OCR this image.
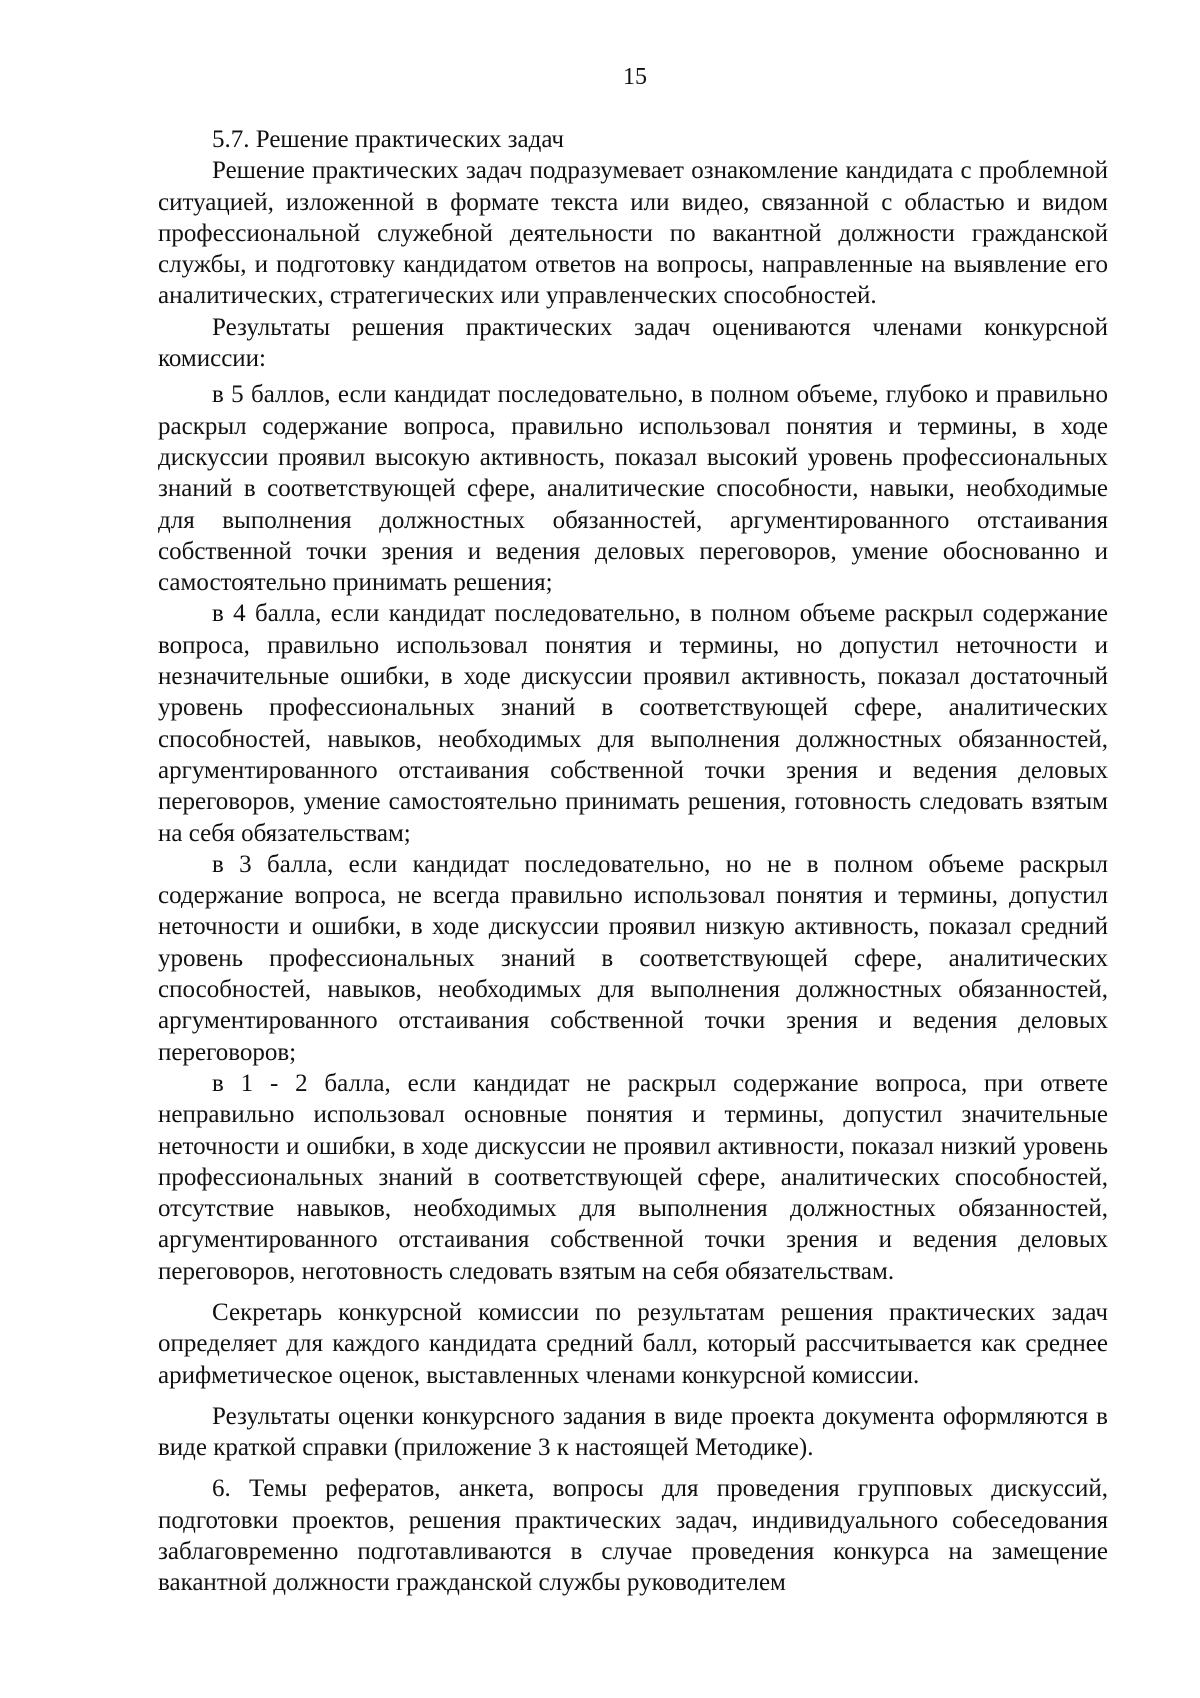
15

5.7. Решение практических задач

Решение практических задач подразумевает ознакомление кандидата с проблемной ситуацией, изложенной в формате текста или видео, связанной с областью и видом профессиональной служебной деятельности по вакантной должности гражданской службы, и подготовку кандидатом ответов на вопросы, направленные на выявление его аналитических, стратегических или управленческих способностей.

Результаты решения практических задач оцениваются членами конкурсной комиссии:

в 5 баллов, если кандидат последовательно, в полном объеме, глубоко и правильно раскрыл содержание вопроса, правильно использовал понятия и термины, в ходе дискуссии проявил высокую активность, показал высокий уровень профессиональных знаний в соответствующей сфере, аналитические способности, навыки, необходимые для выполнения должностных обязанностей, аргументированного отстаивания собственной точки зрения и ведения деловых переговоров, умение обоснованно и самостоятельно принимать решения;

в 4 балла, если кандидат последовательно, в полном объеме раскрыл содержание вопроса, правильно использовал понятия и термины, но допустил неточности и незначительные ошибки, в ходе дискуссии проявил активность, показал достаточный уровень профессиональных знаний в соответствующей сфере, аналитических способностей, навыков, необходимых для выполнения должностных обязанностей, аргументированного отстаивания собственной точки зрения и ведения деловых переговоров, умение самостоятельно принимать решения, готовность следовать взятым на себя обязательствам;

в 3 балла, если кандидат последовательно, но не в полном объеме раскрыл содержание вопроса, не всегда правильно использовал понятия и термины, допустил неточности и ошибки, в ходе дискуссии проявил низкую активность, показал средний уровень профессиональных знаний в соответствующей сфере, аналитических способностей, навыков, необходимых для выполнения должностных обязанностей, аргументированного отстаивания собственной точки зрения и ведения деловых переговоров;

в 1 - 2 балла, если кандидат не раскрыл содержание вопроса, при ответе неправильно использовал основные понятия и термины, допустил значительные неточности и ошибки, в ходе дискуссии не проявил активности, показал низкий уровень профессиональных знаний в соответствующей сфере, аналитических способностей, отсутствие навыков, необходимых для выполнения должностных обязанностей, аргументированного отстаивания собственной точки зрения и ведения деловых переговоров, неготовность следовать взятым на себя обязательствам.

Секретарь конкурсной комиссии по результатам решения практических задач определяет для каждого кандидата средний балл, который рассчитывается как среднее арифметическое оценок, выставленных членами конкурсной комиссии.

Результаты оценки конкурсного задания в виде проекта документа оформляются в виде краткой справки (приложение 3 к настоящей Методике).

6. Темы рефератов, анкета, вопросы для проведения групповых дискуссий, подготовки проектов, решения практических задач, индивидуального собеседования заблаговременно подготавливаются в случае проведения конкурса на замещение вакантной должности гражданской службы руководителем
